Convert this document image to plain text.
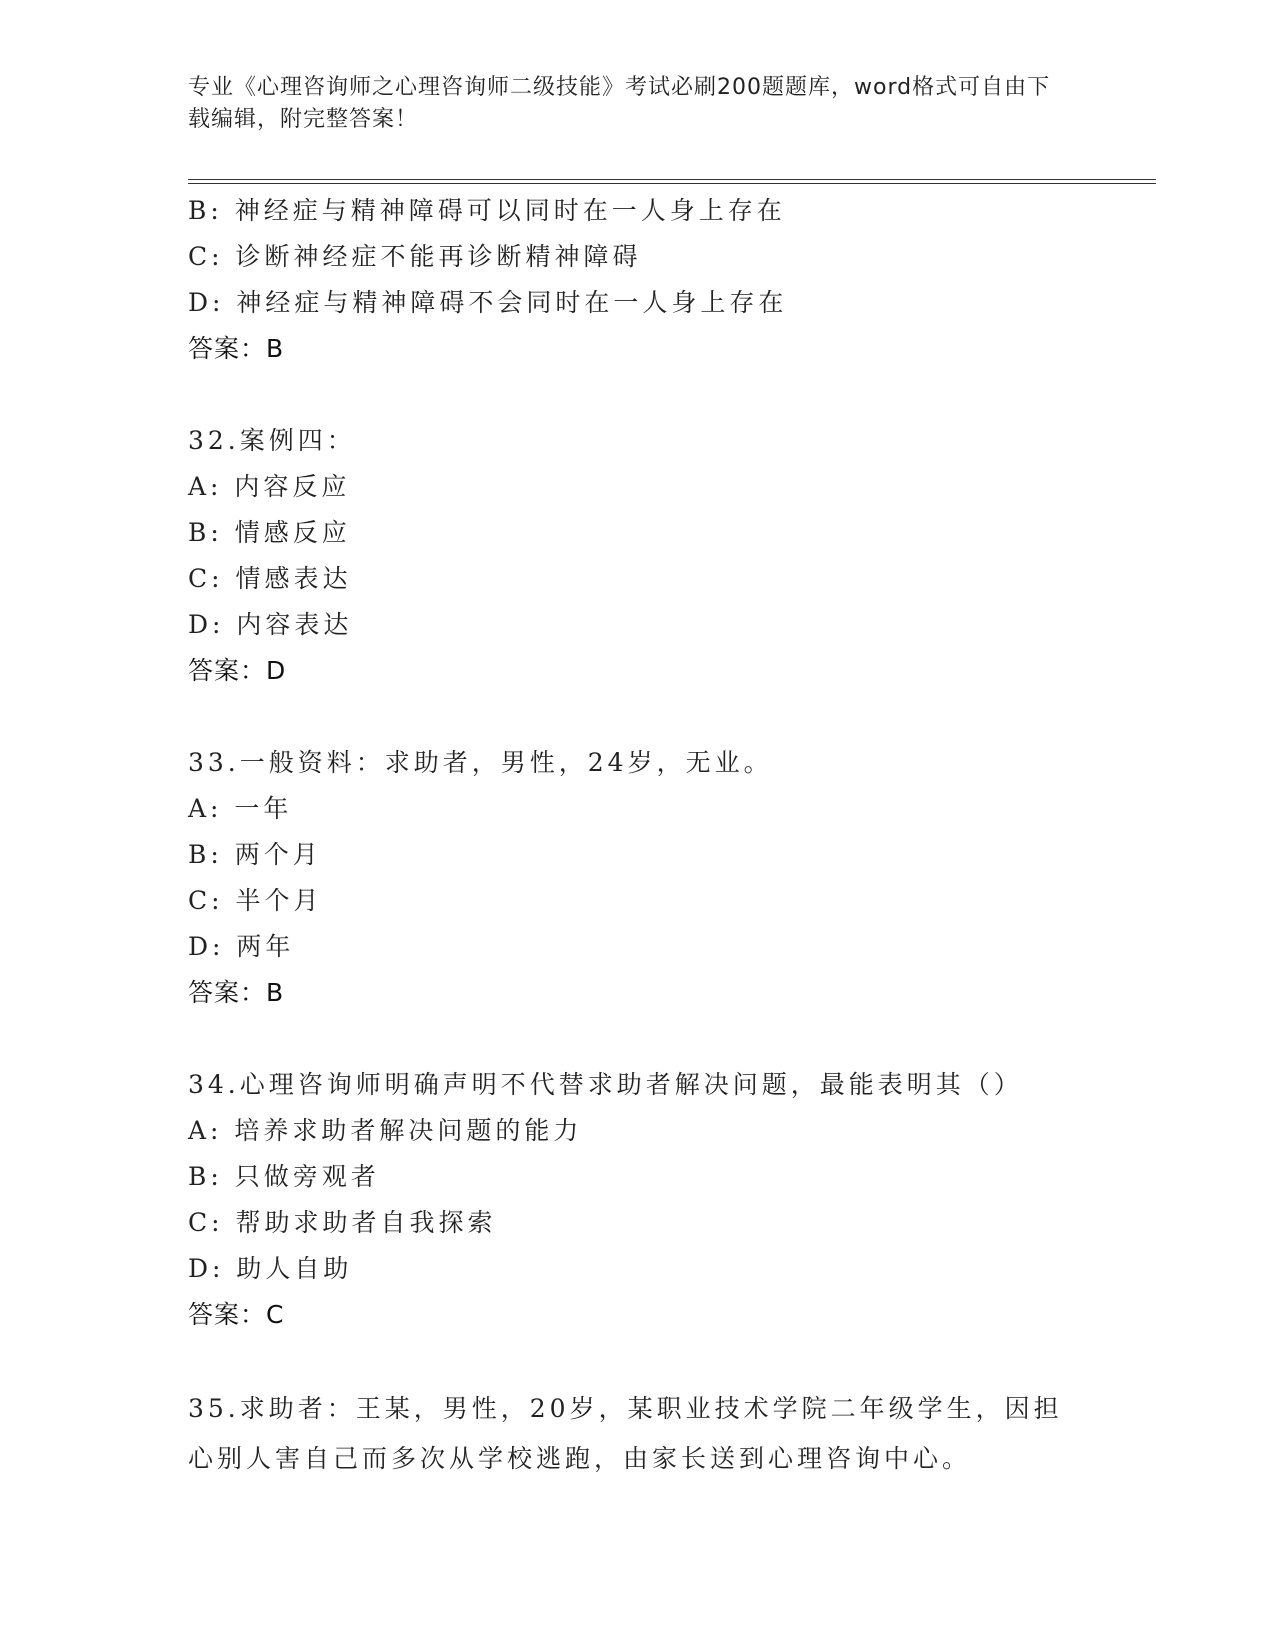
专业《心理咨询师之心理咨询师二级技能》考试必刷200题题库，word格式可自由下载编辑，附完整答案！
B: 神经症与精神障碍可以同时在一人身上存在
C: 诊断神经症不能再诊断精神障碍
D: 神经症与精神障碍不会同时在一人身上存在
答案：B
32.案例四：
A: 内容反应
B: 情感反应
C: 情感表达
D: 内容表达
答案：D
33.一般资料：求助者，男性，24岁，无业。
A: 一年
B: 两个月
C: 半个月
D: 两年
答案：B
34.心理咨询师明确声明不代替求助者解决问题，最能表明其（）
A: 培养求助者解决问题的能力
B: 只做旁观者
C: 帮助求助者自我探索
D: 助人自助
答案：C
35.求助者：王某，男性，20岁，某职业技术学院二年级学生，因担心别人害自己而多次从学校逃跑，由家长送到心理咨询中心。
